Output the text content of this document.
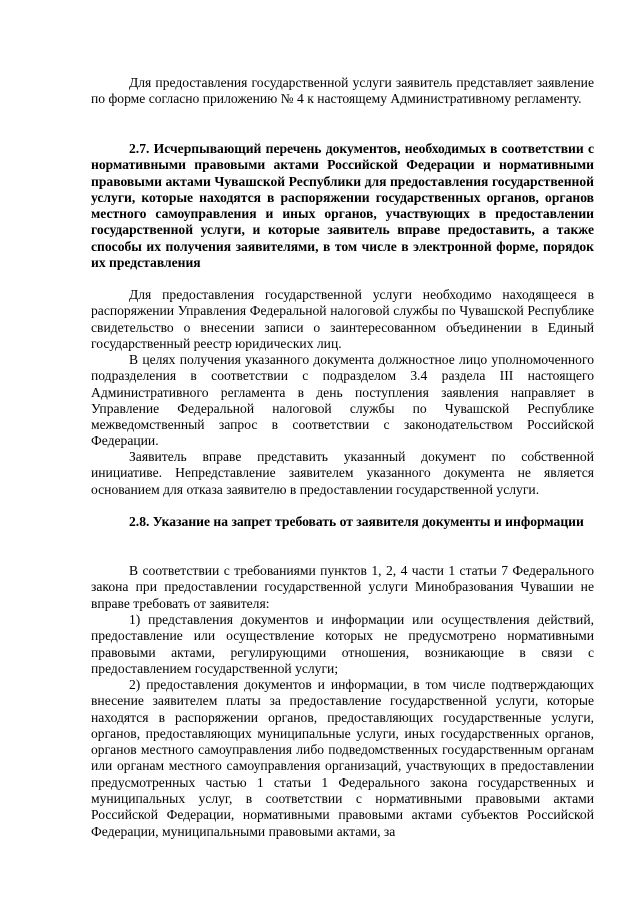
Для предоставления государственной услуги заявитель представляет заявление по форме согласно приложению № 4 к настоящему Административному регламенту.

2.7. Исчерпывающий перечень документов, необходимых в соответствии с нормативными правовыми актами Российской Федерации и нормативными правовыми актами Чувашской Республики для предоставления государственной услуги, которые находятся в распоряжении государственных органов, органов местного самоуправления и иных органов, участвующих в предоставлении государственной услуги, и которые заявитель вправе предоставить, а также способы их получения заявителями, в том числе в электронной форме, порядок их представления

Для предоставления государственной услуги необходимо находящееся в распоряжении Управления Федеральной налоговой службы по Чувашской Республике свидетельство о внесении записи о заинтересованном объединении в Единый государственный реестр юридических лиц.

В целях получения указанного документа должностное лицо уполномоченного подразделения в соответствии с подразделом 3.4 раздела III настоящего Административного регламента в день поступления заявления направляет в Управление Федеральной налоговой службы по Чувашской Республике межведомственный запрос в соответствии с законодательством Российской Федерации.

Заявитель вправе представить указанный документ по собственной инициативе. Непредставление заявителем указанного документа не является основанием для отказа заявителю в предоставлении государственной услуги.

2.8. Указание на запрет требовать от заявителя документы и информации

В соответствии с требованиями пунктов 1, 2, 4 части 1 статьи 7 Федерального закона при предоставлении государственной услуги Минобразования Чувашии не вправе требовать от заявителя:

1) представления документов и информации или осуществления действий, предоставление или осуществление которых не предусмотрено нормативными правовыми актами, регулирующими отношения, возникающие в связи с предоставлением государственной услуги;

2) предоставления документов и информации, в том числе подтверждающих внесение заявителем платы за предоставление государственной услуги, которые находятся в распоряжении органов, предоставляющих государственные услуги, органов, предоставляющих муниципальные услуги, иных государственных органов, органов местного самоуправления либо подведомственных государственным органам или органам местного самоуправления организаций, участвующих в предоставлении предусмотренных частью 1 статьи 1 Федерального закона государственных и муниципальных услуг, в соответствии с нормативными правовыми актами Российской Федерации, нормативными правовыми актами субъектов Российской Федерации, муниципальными правовыми актами, за
